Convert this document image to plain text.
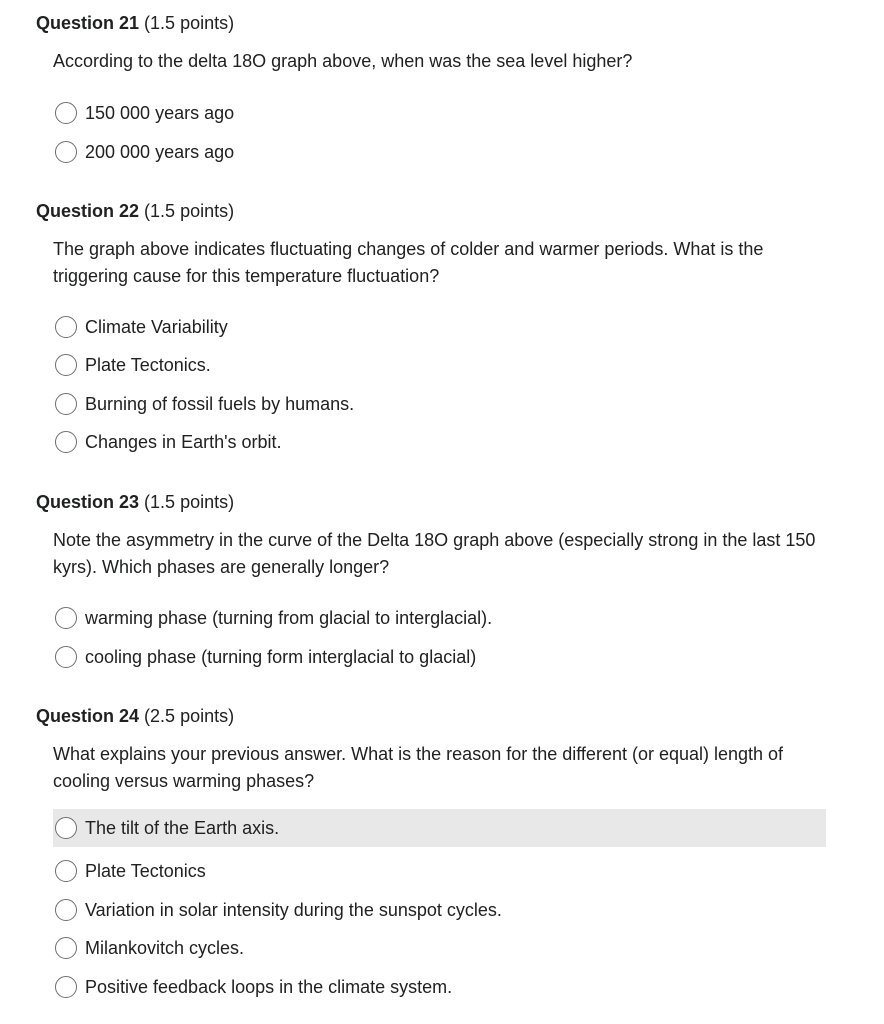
Question 21 (1.5 points)
According to the delta 18O graph above, when was the sea level higher?
150 000 years ago
200 000 years ago
Question 22 (1.5 points)
The graph above indicates fluctuating changes of colder and warmer periods. What is the triggering cause for this temperature fluctuation?
Climate Variability
Plate Tectonics.
Burning of fossil fuels by humans.
Changes in Earth's orbit.
Question 23 (1.5 points)
Note the asymmetry in the curve of the Delta 18O graph above (especially strong in the last 150 kyrs). Which phases are generally longer?
warming phase (turning from glacial to interglacial).
cooling phase (turning form interglacial to glacial)
Question 24 (2.5 points)
What explains your previous answer. What is the reason for the different (or equal) length of cooling versus warming phases?
The tilt of the Earth axis.
Plate Tectonics
Variation in solar intensity during the sunspot cycles.
Milankovitch cycles.
Positive feedback loops in the climate system.
